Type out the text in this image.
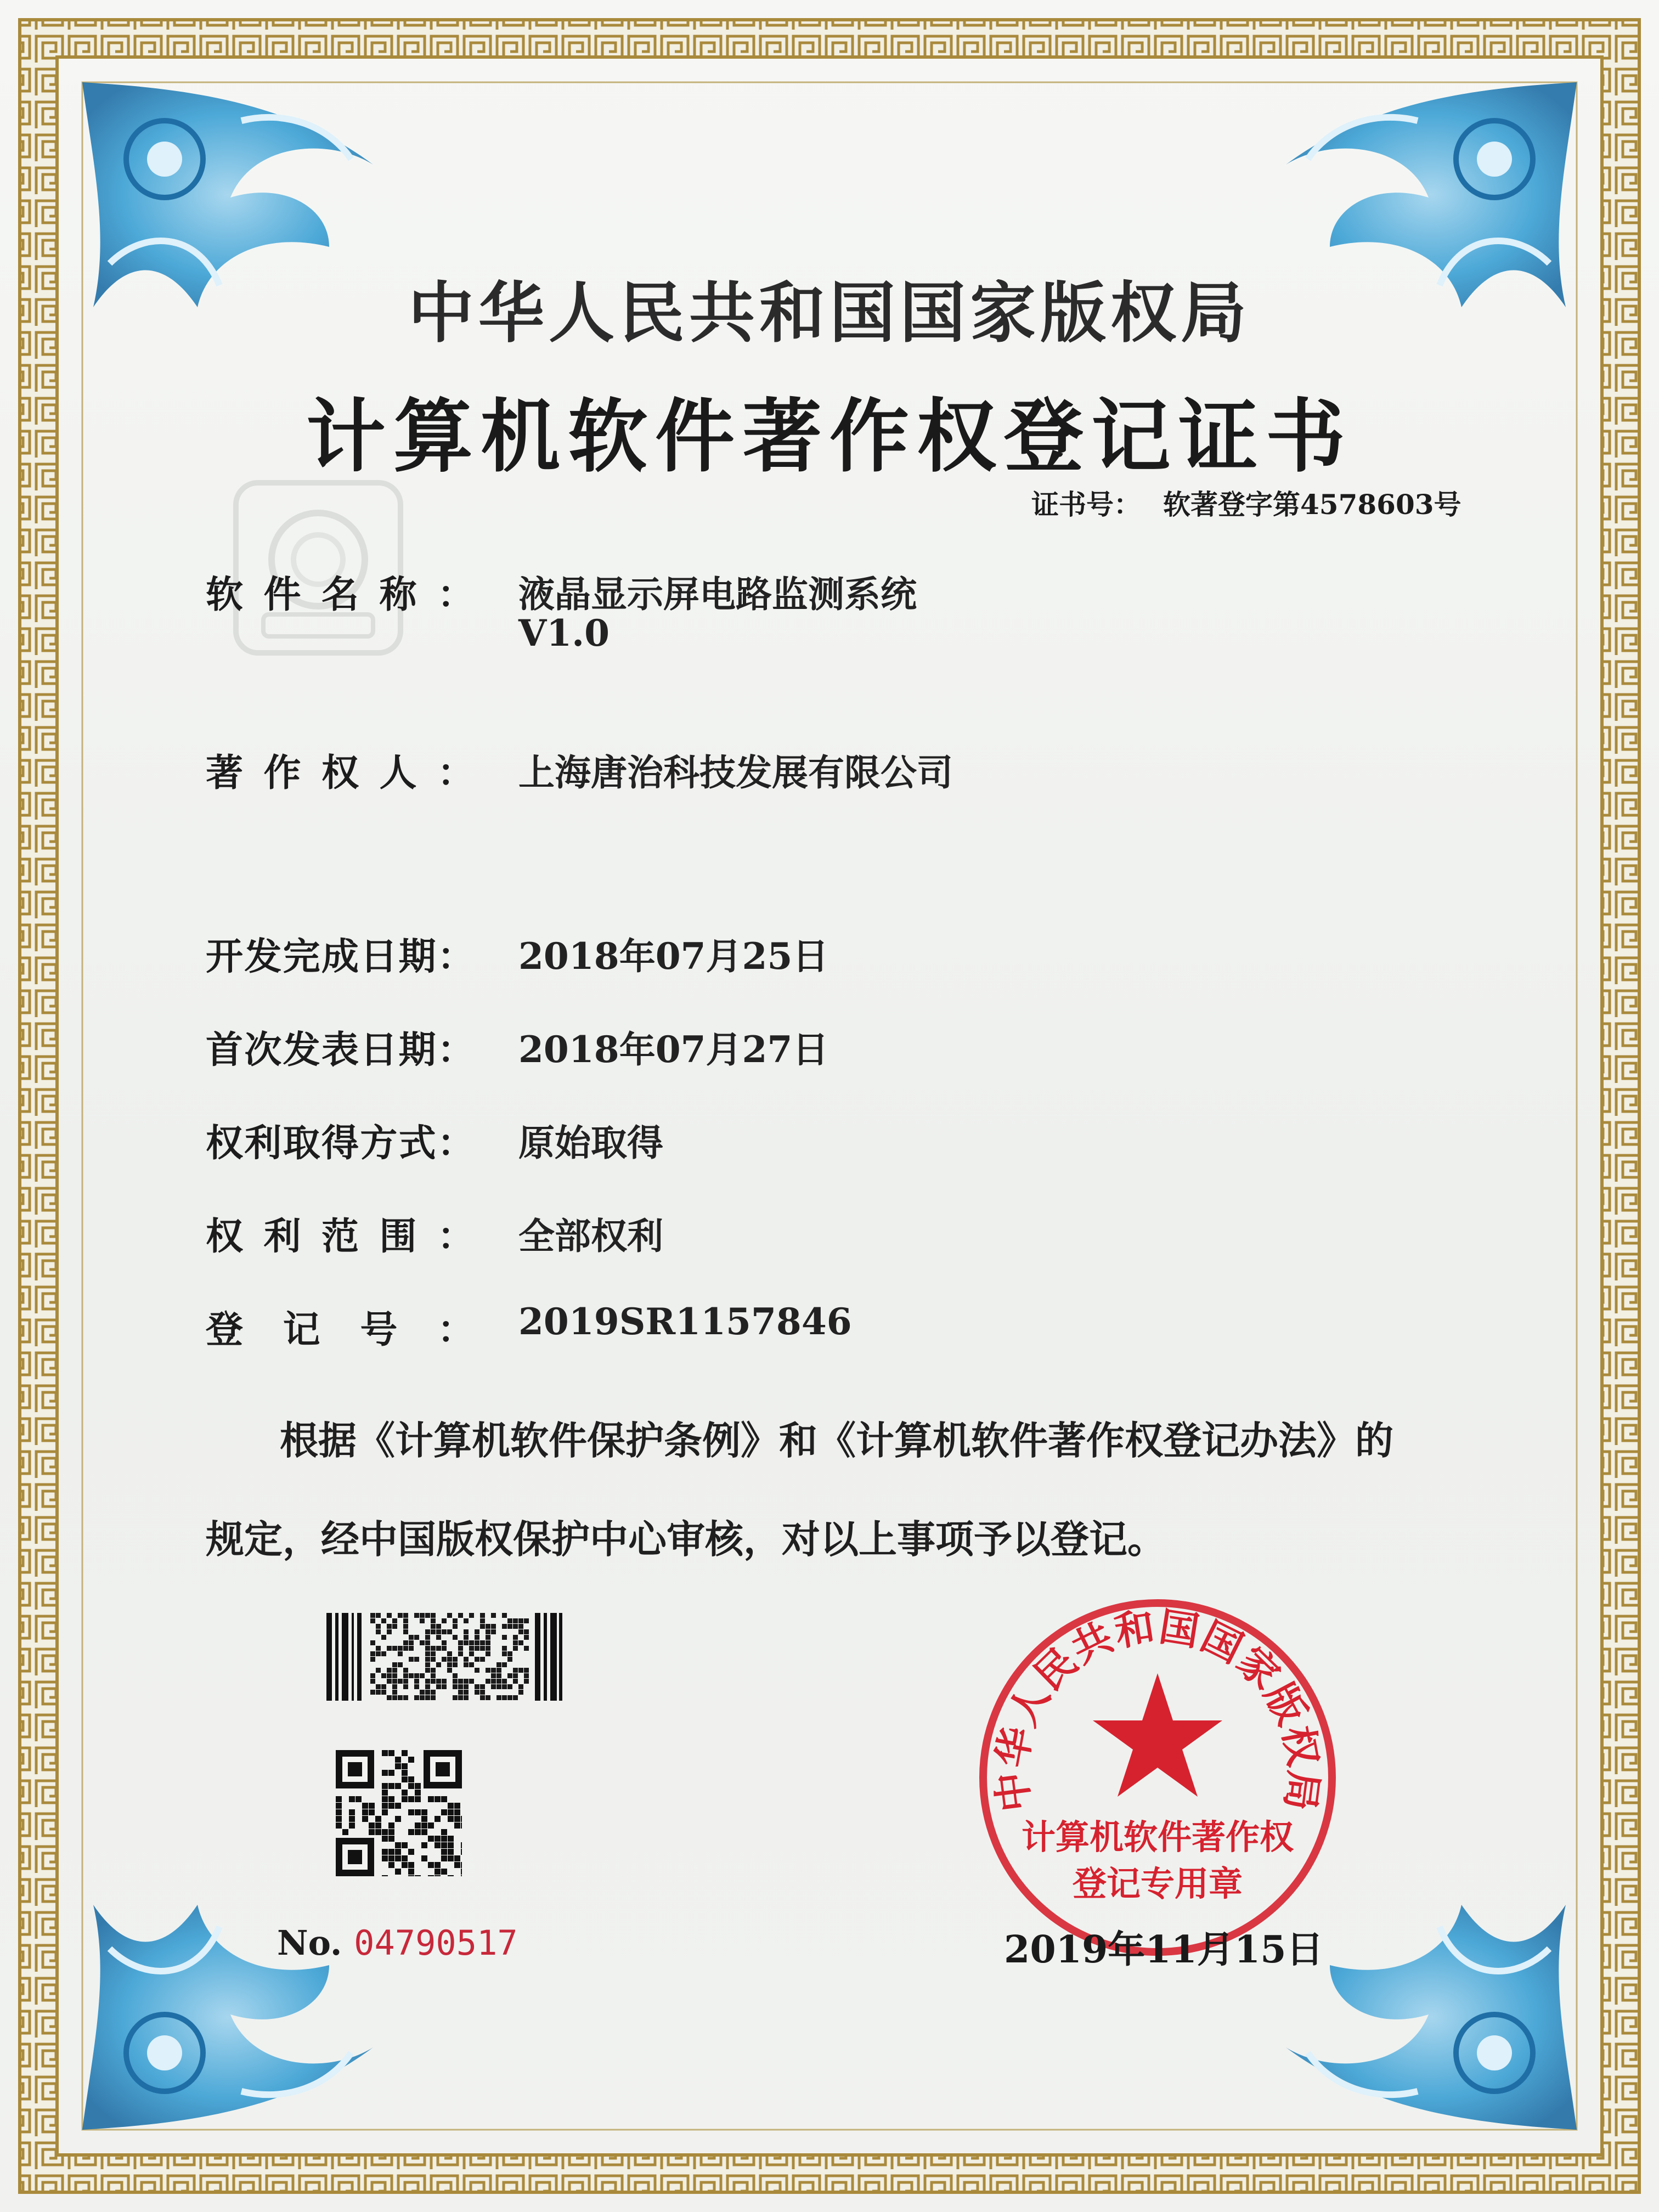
中华人民共和国国家版权局
计算机软件著作权登记证书
证书号： 软著登字第4578603号
软 件 名 称 ： 液晶显示屏电路监测系统
V1.0
著 作 权 人 ： 上海唐治科技发展有限公司
开 发 完 成 日 期 ： 2018年07月25日
首 次 发 表 日 期 ： 2018年07月27日
权 利 取 得 方 式 ： 原始取得
权 利 范 围 ： 全部权利
登 记 号 ： 2019SR1157846
根据《计算机软件保护条例》和《计算机软件著作权登记办法》的
规定，经中国版权保护中心审核，对以上事项予以登记。
No. 04790517
中华人民共和国国家版权局
计算机软件著作权
登记专用章
2019年11月15日
